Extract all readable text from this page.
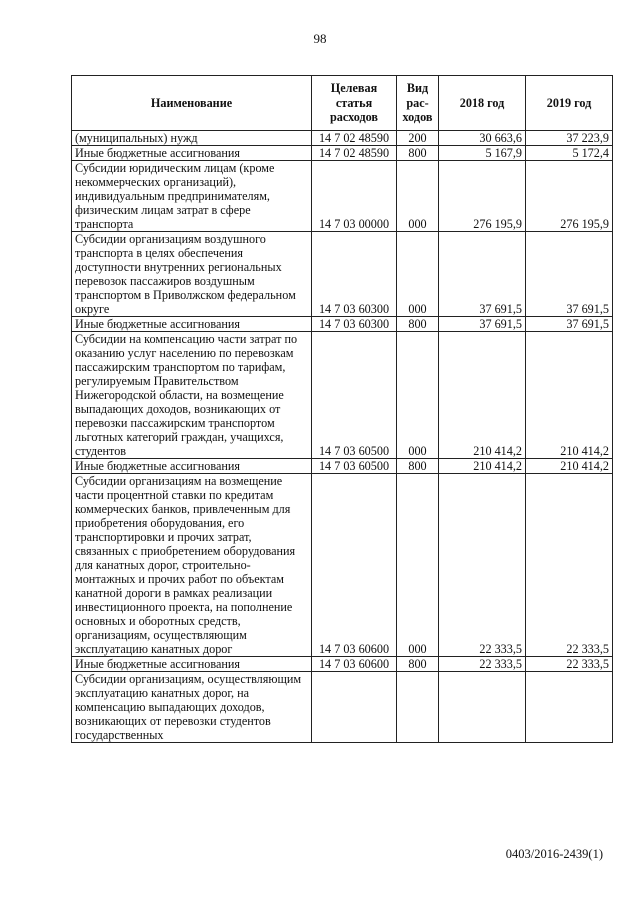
98
Наименование	Целевая статья расходов	Вид рас-ходов	2018 год	2019 год
(муниципальных) нужд	14 7 02 48590	200	30 663,6	37 223,9
Иные бюджетные ассигнования	14 7 02 48590	800	5 167,9	5 172,4
Субсидии юридическим лицам (кроме некоммерческих организаций), индивидуальным предпринимателям, физическим лицам затрат в сфере транспорта	14 7 03 00000	000	276 195,9	276 195,9
Субсидии организациям воздушного транспорта в целях обеспечения доступности внутренних региональных перевозок пассажиров воздушным транспортом в Приволжском федеральном округе	14 7 03 60300	000	37 691,5	37 691,5
Иные бюджетные ассигнования	14 7 03 60300	800	37 691,5	37 691,5
Субсидии на компенсацию части затрат по оказанию услуг населению по перевозкам пассажирским транспортом по тарифам, регулируемым Правительством Нижегородской области, на возмещение выпадающих доходов, возникающих от перевозки пассажирским транспортом льготных категорий граждан, учащихся, студентов	14 7 03 60500	000	210 414,2	210 414,2
Иные бюджетные ассигнования	14 7 03 60500	800	210 414,2	210 414,2
Субсидии организациям на возмещение части процентной ставки по кредитам коммерческих банков, привлеченным для приобретения оборудования, его транспортировки и прочих затрат, связанных с приобретением оборудования для канатных дорог, строительно-монтажных и прочих работ по объектам канатной дороги в рамках реализации инвестиционного проекта, на пополнение основных и оборотных средств, организациям, осуществляющим эксплуатацию канатных дорог	14 7 03 60600	000	22 333,5	22 333,5
Иные бюджетные ассигнования	14 7 03 60600	800	22 333,5	22 333,5
Субсидии организациям, осуществляющим эксплуатацию канатных дорог, на компенсацию выпадающих доходов, возникающих от перевозки студентов государственных				
0403/2016-2439(1)
